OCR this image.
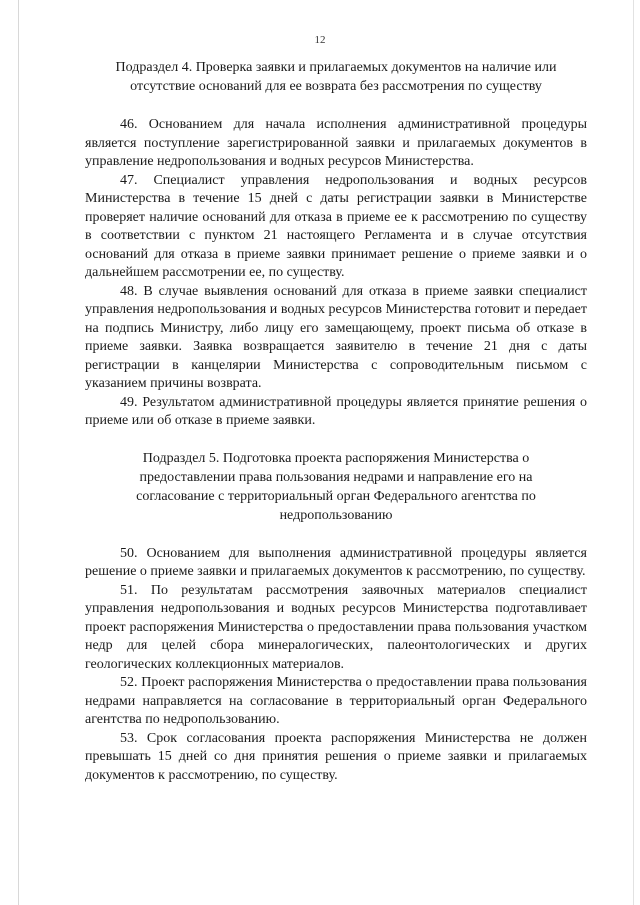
12
Подраздел 4. Проверка заявки и прилагаемых документов на наличие или
отсутствие оснований для ее возврата без рассмотрения по существу

46. Основанием для начала исполнения административной процедуры является поступление зарегистрированной заявки и прилагаемых документов в управление недропользования и водных ресурсов Министерства.

47. Специалист управления недропользования и водных ресурсов Министерства в течение 15 дней с даты регистрации заявки в Министерстве проверяет наличие оснований для отказа в приеме ее к рассмотрению по существу в соответствии с пунктом 21 настоящего Регламента и в случае отсутствия оснований для отказа в приеме заявки принимает решение о приеме заявки и о дальнейшем рассмотрении ее, по существу.

48. В случае выявления оснований для отказа в приеме заявки специалист управления недропользования и водных ресурсов Министерства готовит и передает на подпись Министру, либо лицу его замещающему, проект письма об отказе в приеме заявки. Заявка возвращается заявителю в течение 21 дня с даты регистрации в канцелярии Министерства с сопроводительным письмом с указанием причины возврата.

49. Результатом административной процедуры является принятие решения о приеме или об отказе в приеме заявки.

Подраздел 5. Подготовка проекта распоряжения Министерства о предоставлении права пользования недрами и направление его на согласование с территориальный орган Федерального агентства по недропользованию

50. Основанием для выполнения административной процедуры является решение о приеме заявки и прилагаемых документов к рассмотрению, по существу.

51. По результатам рассмотрения заявочных материалов специалист управления недропользования и водных ресурсов Министерства подготавливает проект распоряжения Министерства о предоставлении права пользования участком недр для целей сбора минералогических, палеонтологических и других геологических коллекционных материалов.

52. Проект распоряжения Министерства о предоставлении права пользования недрами направляется на согласование в территориальный орган Федерального агентства по недропользованию.

53. Срок согласования проекта распоряжения Министерства не должен превышать 15 дней со дня принятия решения о приеме заявки и прилагаемых документов к рассмотрению, по существу.
